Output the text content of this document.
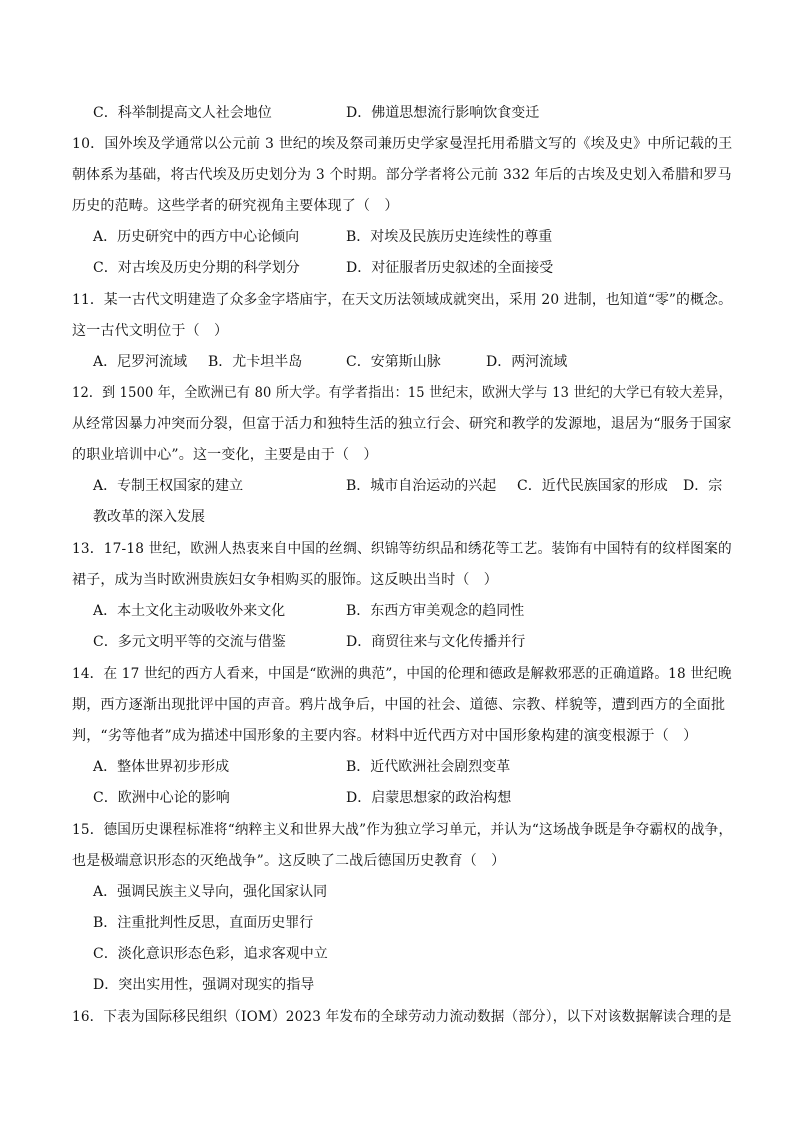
C．科举制提高文人社会地位	D．佛道思想流行影响饮食变迁
10．国外埃及学通常以公元前 3 世纪的埃及祭司兼历史学家曼涅托用希腊文写的《埃及史》中所记载的王
朝体系为基础，将古代埃及历史划分为 3 个时期。部分学者将公元前 332 年后的古埃及史划入希腊和罗马
历史的范畴。这些学者的研究视角主要体现了（　）
A．历史研究中的西方中心论倾向	B．对埃及民族历史连续性的尊重
C．对古埃及历史分期的科学划分	D．对征服者历史叙述的全面接受
11．某一古代文明建造了众多金字塔庙宇，在天文历法领域成就突出，采用 20 进制，也知道“零”的概念。
这一古代文明位于（　）
A．尼罗河流域 B．尤卡坦半岛	C．安第斯山脉	D．两河流域
12．到 1500 年，全欧洲已有 80 所大学。有学者指出：15 世纪末，欧洲大学与 13 世纪的大学已有较大差异，
从经常因暴力冲突而分裂，但富于活力和独特生活的独立行会、研究和教学的发源地，退居为“服务于国家
的职业培训中心”。这一变化，主要是由于（　）
A．专制王权国家的建立	B．城市自治运动的兴起 C．近代民族国家的形成 D．宗
教改革的深入发展
13．17-18 世纪，欧洲人热衷来自中国的丝绸、织锦等纺织品和绣花等工艺。装饰有中国特有的纹样图案的
裙子，成为当时欧洲贵族妇女争相购买的服饰。这反映出当时（　）
A．本土文化主动吸收外来文化	B．东西方审美观念的趋同性
C．多元文明平等的交流与借鉴	D．商贸往来与文化传播并行
14．在 17 世纪的西方人看来，中国是“欧洲的典范”，中国的伦理和德政是解救邪恶的正确道路。18 世纪晚
期，西方逐渐出现批评中国的声音。鸦片战争后，中国的社会、道德、宗教、样貌等，遭到西方的全面批
判，“劣等他者”成为描述中国形象的主要内容。材料中近代西方对中国形象构建的演变根源于（　）
A．整体世界初步形成	B．近代欧洲社会剧烈变革
C．欧洲中心论的影响	D．启蒙思想家的政治构想
15．德国历史课程标准将“纳粹主义和世界大战”作为独立学习单元，并认为“这场战争既是争夺霸权的战争，
也是极端意识形态的灭绝战争”。这反映了二战后德国历史教育（　）
A．强调民族主义导向，强化国家认同
B．注重批判性反思，直面历史罪行
C．淡化意识形态色彩，追求客观中立
D．突出实用性，强调对现实的指导
16．下表为国际移民组织（IOM）2023 年发布的全球劳动力流动数据（部分），以下对该数据解读合理的是
